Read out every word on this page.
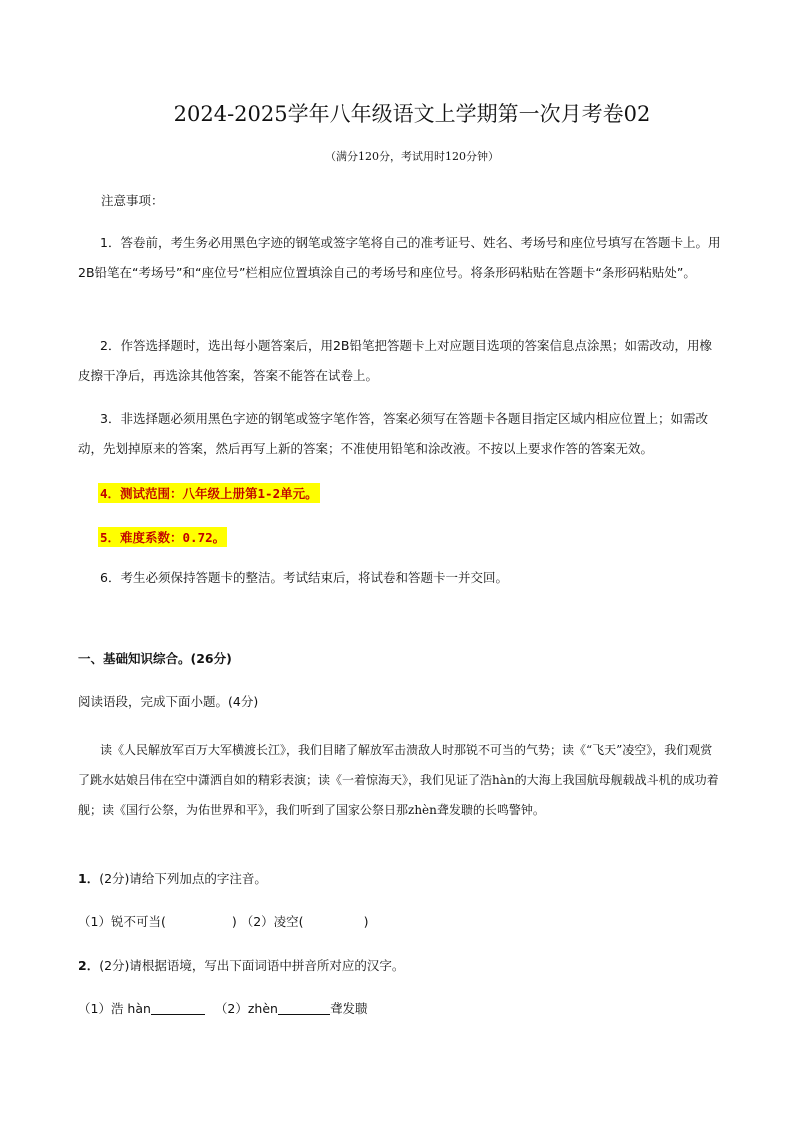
2024-2025学年八年级语文上学期第一次月考卷02
（满分120分，考试用时120分钟）
注意事项：
1．答卷前，考生务必用黑色字迹的钢笔或签字笔将自己的准考证号、姓名、考场号和座位号填写在答题卡上。用2B铅笔在“考场号”和“座位号”栏相应位置填涂自己的考场号和座位号。将条形码粘贴在答题卡“条形码粘贴处”。
2．作答选择题时，选出每小题答案后，用2B铅笔把答题卡上对应题目选项的答案信息点涂黑；如需改动，用橡皮擦干净后，再选涂其他答案，答案不能答在试卷上。
3．非选择题必须用黑色字迹的钢笔或签字笔作答，答案必须写在答题卡各题目指定区域内相应位置上；如需改动，先划掉原来的答案，然后再写上新的答案；不准使用铅笔和涂改液。不按以上要求作答的答案无效。
4．测试范围：八年级上册第1-2单元。
5．难度系数：0.72。
6．考生必须保持答题卡的整洁。考试结束后，将试卷和答题卡一并交回。
一、基础知识综合。(26分)
阅读语段，完成下面小题。(4分)
读《人民解放军百万大军横渡长江》，我们目睹了解放军击溃敌人时那锐不可当的气势；读《“飞天”凌空》，我们观赏了跳水姑娘吕伟在空中潇洒自如的精彩表演；读《一着惊海天》，我们见证了浩hàn的大海上我国航母舰载战斗机的成功着舰；读《国行公祭，为佑世界和平》，我们听到了国家公祭日那zhèn聋发聩的长鸣警钟。
1．(2分)请给下列加点的字注音。
（1）锐不可当(	) （2）凌空(	)
2．(2分)请根据语境，写出下面词语中拼音所对应的汉字。
（1）浩 hàn	（2）zhèn	聋发聩
